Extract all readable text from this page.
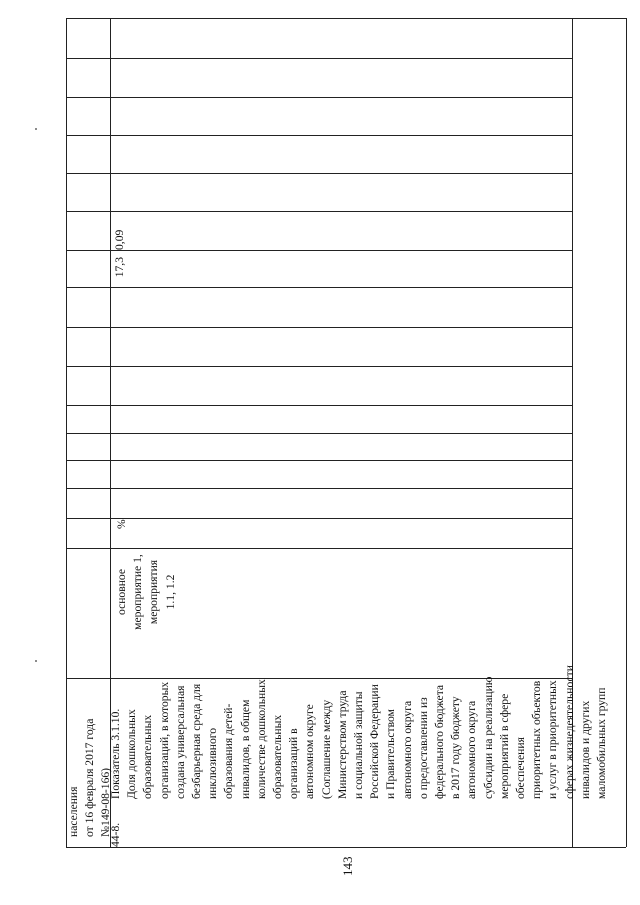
143
населения от 16 февраля 2017 года №149-08-166)
44-8.
Показатель 3.1.10. Доля дошкольных образовательных организаций, в которых создана универсальная безбарьерная среда для инклюзивного образования детей- инвалидов, в общем количестве дошкольных образовательных организаций в автономном округе (Соглашение между Министерством труда и социальной защиты Российской Федерации и Правительством автономного округа о предоставлении из федерального бюджета в 2017 году бюджету автономного округа субсидии на реализацию мероприятий в сфере обеспечения приоритетных объектов и услуг в приоритетных сферах жизнедеятельности инвалидов и других маломобильных групп
основное мероприятие 1, мероприятия 1.1, 1.2
%
17,3
0,09
